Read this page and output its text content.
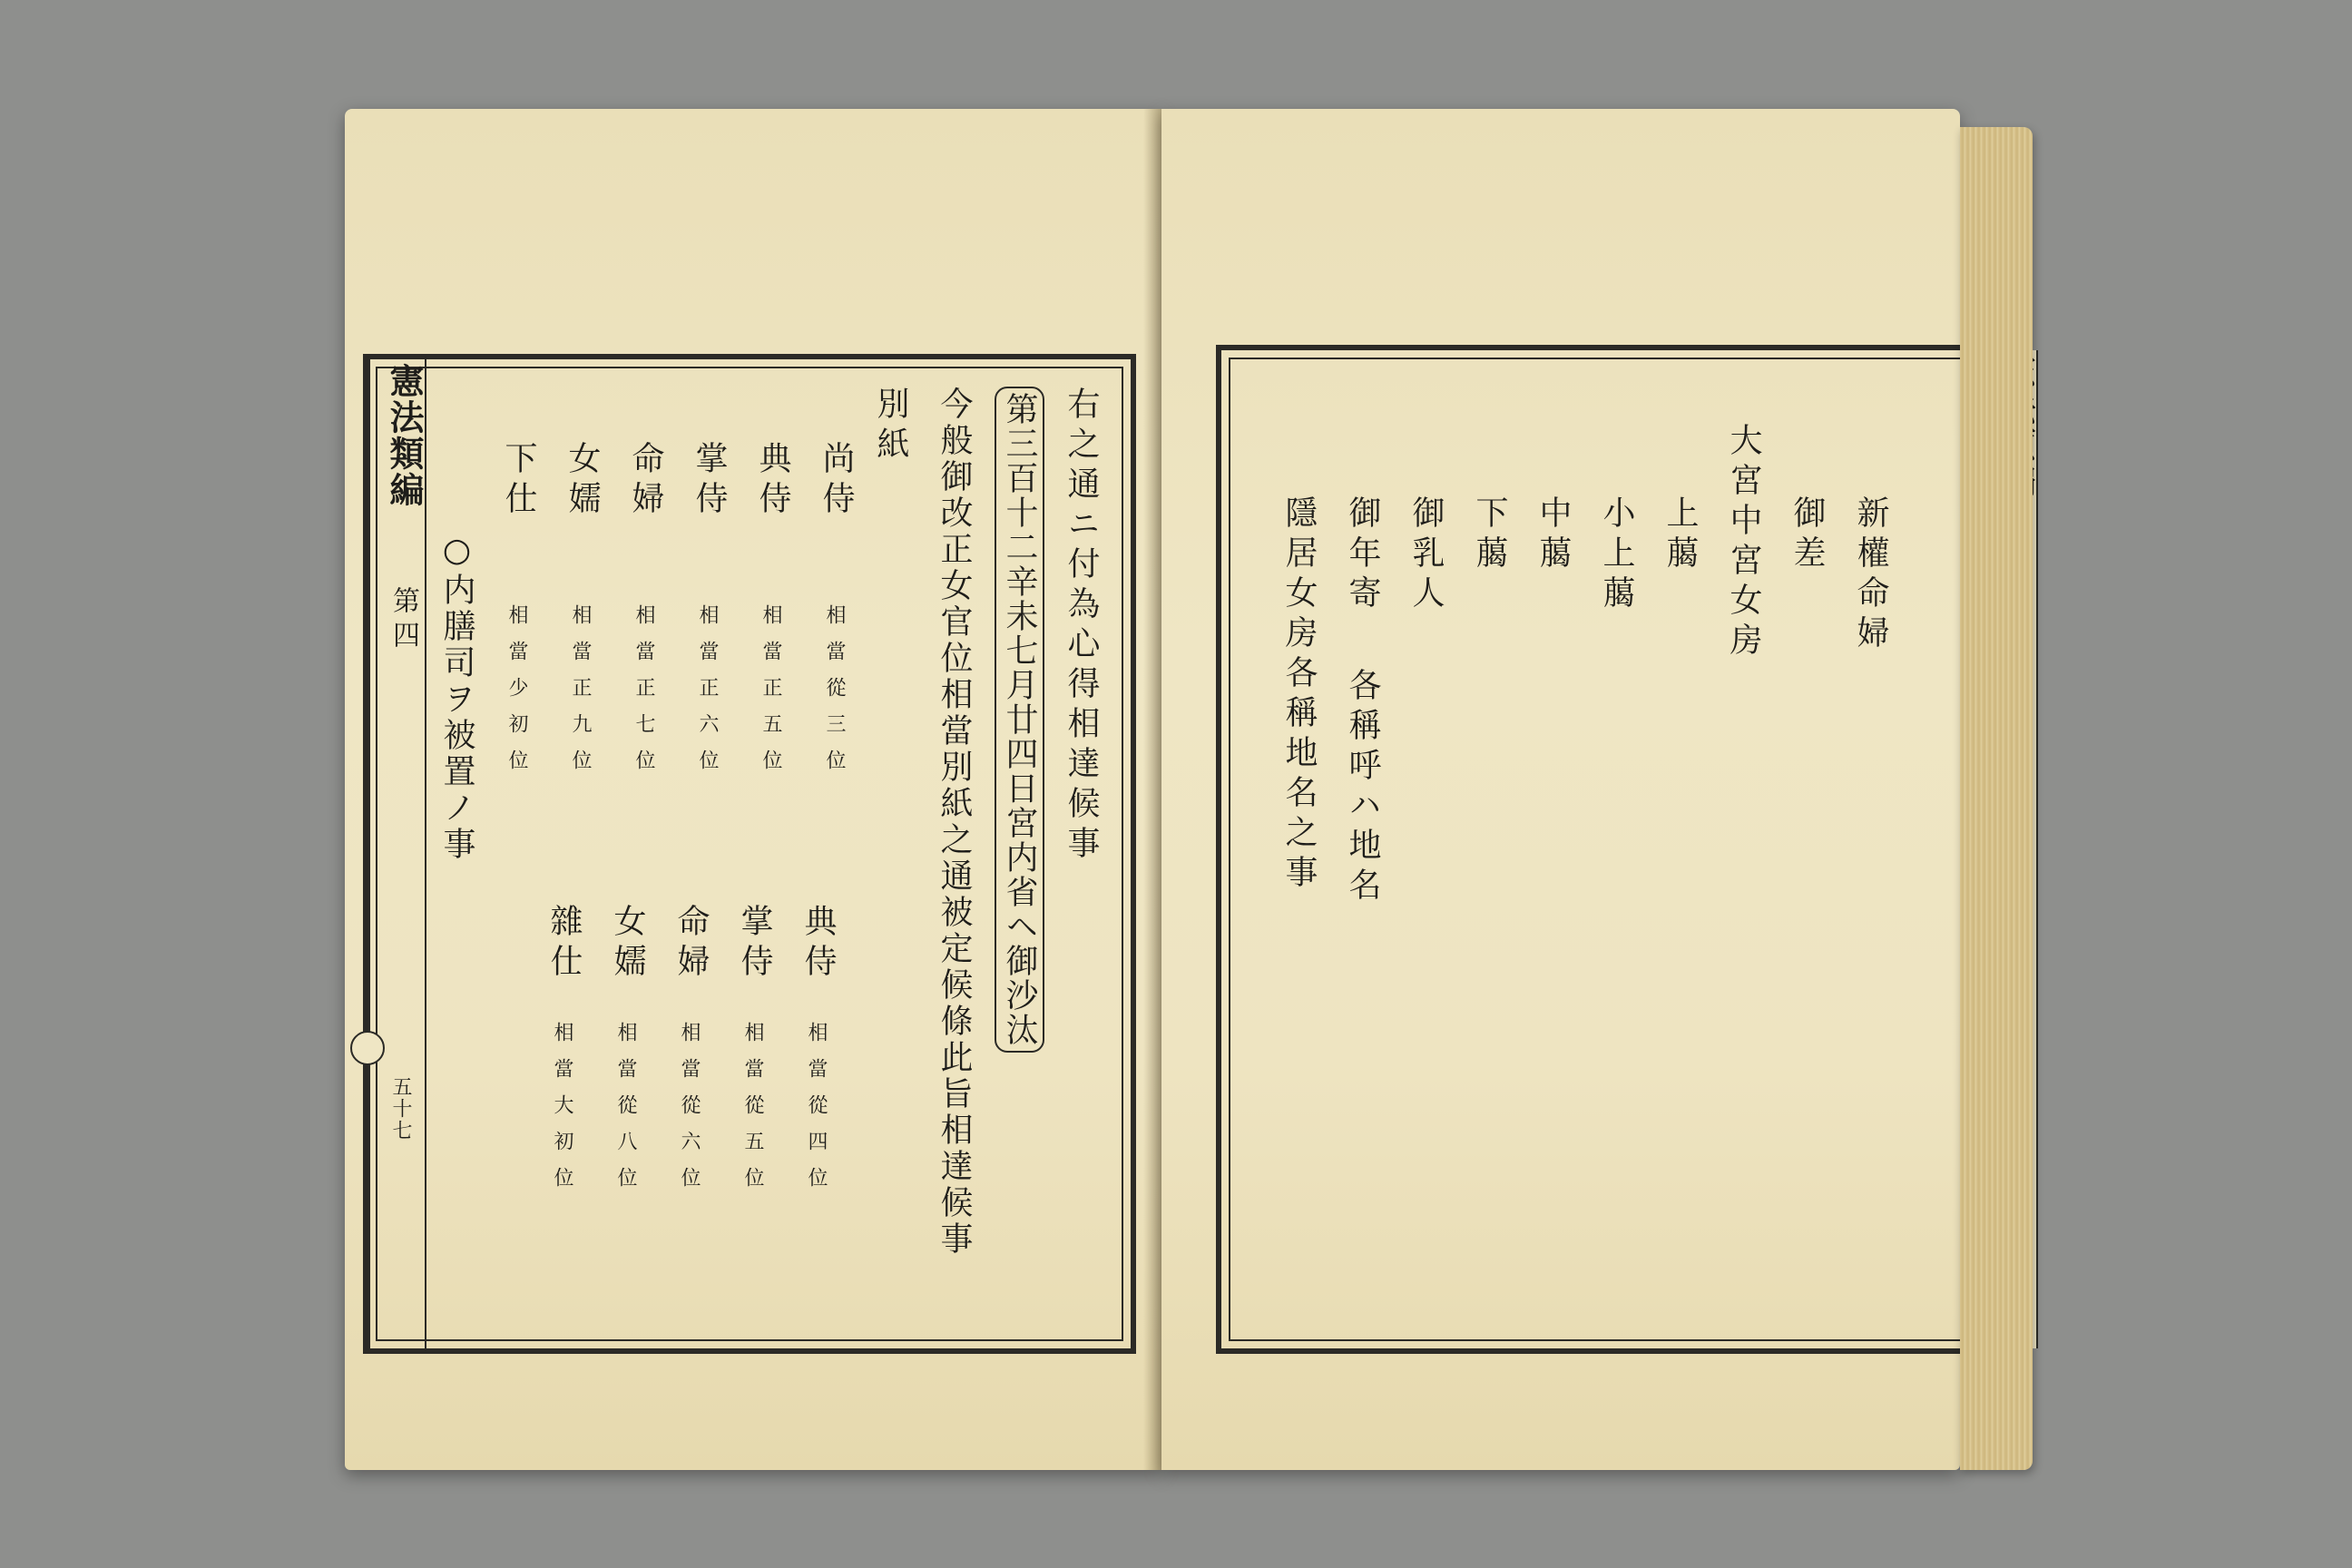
憲法類編
第四
五十七
右之通ニ付為心得相達候事
第三百十二辛未七月廿四日宮内省ヘ御沙汰
今般御改正女官位相當別紙之通被定候條此旨相達候事
別紙
尚侍
相當從三位
典侍
相當正五位
掌侍
相當正六位
命婦
相當正七位
女嬬
相當正九位
下仕
相當少初位
典侍
相當從四位
掌侍
相當從五位
命婦
相當從六位
女嬬
相當從八位
雜仕
相當大初位
○内膳司ヲ被置ノ事	新權命婦
御差
大宮中宮女房
上﨟
小上﨟
中﨟
下﨟
御乳人
御年寄
各稱呼ハ地名
隱居女房各稱地名之事
